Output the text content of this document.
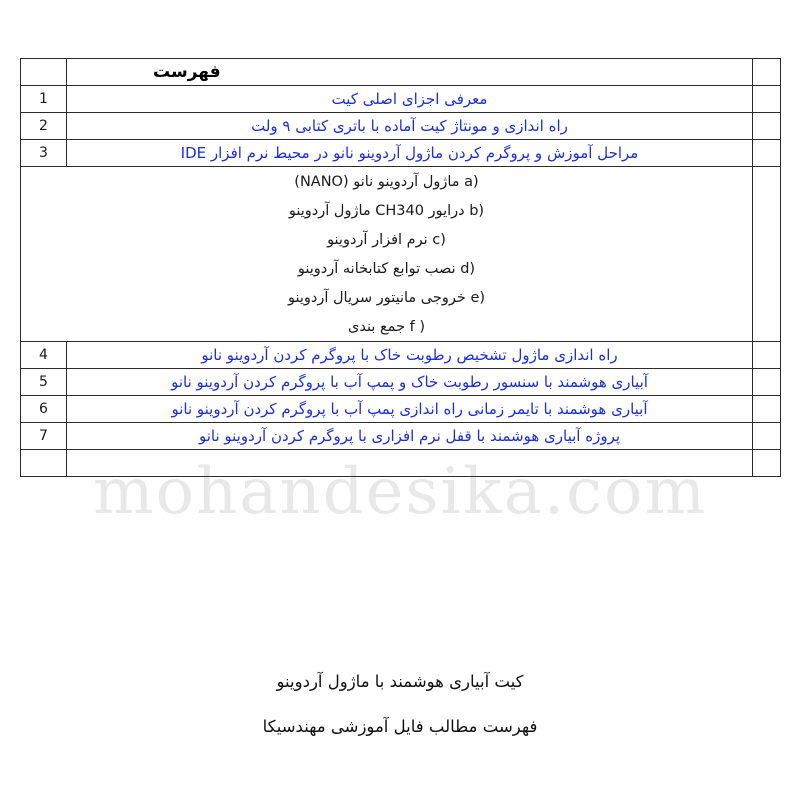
mohandesika.com
	فهرست	
	معرفی اجزای اصلی کیت	1
	راه اندازی و مونتاژ کیت آماده با باتری کتابی ۹ ولت	2
	مراحل آموزش و پروگرم کردن ماژول آردوینو نانو در محیط نرم افزار IDE	3

a) ماژول آردوینو نانو (NANO)
b) درایور CH340 ماژول آردوینو
c) نرم افزار آردوینو
d) نصب توابع کتابخانه آردوینو
e) خروجی مانیتور سریال آردوینو
f ) جمع بندی

	راه اندازی ماژول تشخیص رطوبت خاک با پروگرم کردن آردوینو نانو	4
	آبیاری هوشمند با سنسور رطوبت خاک و پمپ آب با پروگرم کردن آردوینو نانو	5
	آبیاری هوشمند با تایمر زمانی راه اندازی پمپ آب با پروگرم کردن آردوینو نانو	6
	پروژه آبیاری هوشمند با قفل نرم افزاری با پروگرم کردن آردوینو نانو	7

کیت آبیاری هوشمند با ماژول آردوینو
فهرست مطالب فایل آموزشی مهندسیکا
